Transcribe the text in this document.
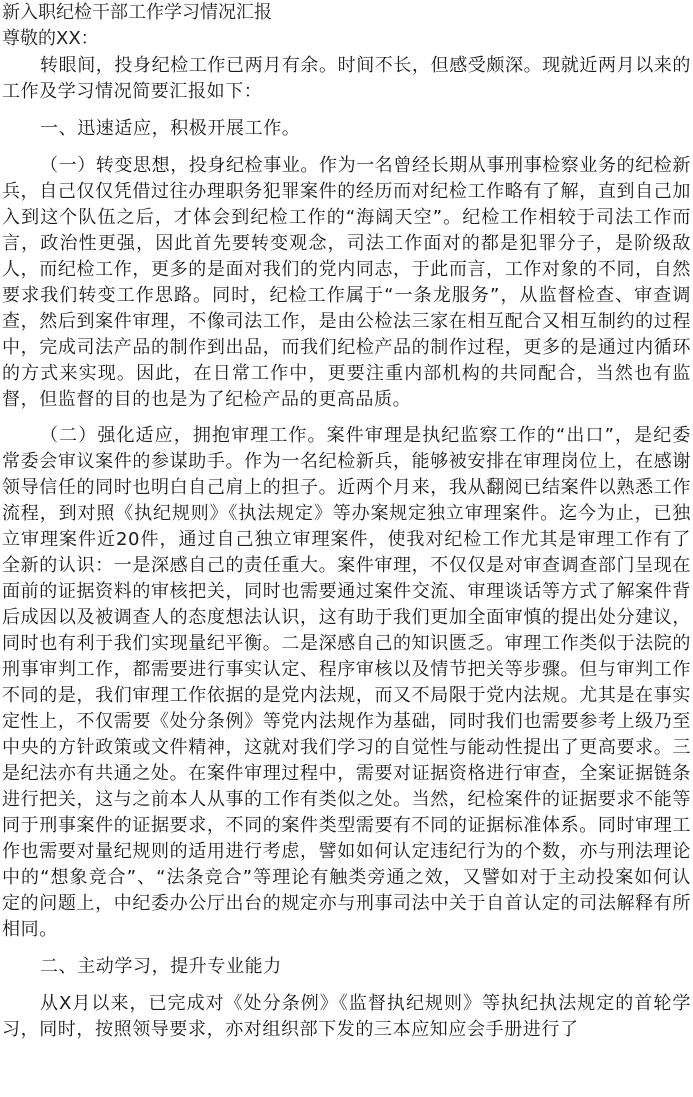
新入职纪检干部工作学习情况汇报
尊敬的XX：

转眼间，投身纪检工作已两月有余。时间不长，但感受颇深。现就近两月以来的工作及学习情况简要汇报如下：

一、迅速适应，积极开展工作。

（一）转变思想，投身纪检事业。作为一名曾经长期从事刑事检察业务的纪检新兵，自己仅仅凭借过往办理职务犯罪案件的经历而对纪检工作略有了解，直到自己加入到这个队伍之后，才体会到纪检工作的“海阔天空”。纪检工作相较于司法工作而言，政治性更强，因此首先要转变观念，司法工作面对的都是犯罪分子，是阶级敌人，而纪检工作，更多的是面对我们的党内同志，于此而言，工作对象的不同，自然要求我们转变工作思路。同时，纪检工作属于“一条龙服务”，从监督检查、审查调查，然后到案件审理，不像司法工作，是由公检法三家在相互配合又相互制约的过程中，完成司法产品的制作到出品，而我们纪检产品的制作过程，更多的是通过内循环的方式来实现。因此，在日常工作中，更要注重内部机构的共同配合，当然也有监督，但监督的目的也是为了纪检产品的更高品质。

（二）强化适应，拥抱审理工作。案件审理是执纪监察工作的“出口”，是纪委常委会审议案件的参谋助手。作为一名纪检新兵，能够被安排在审理岗位上，在感谢领导信任的同时也明白自己肩上的担子。近两个月来，我从翻阅已结案件以熟悉工作流程，到对照《执纪规则》《执法规定》等办案规定独立审理案件。迄今为止，已独立审理案件近20件，通过自己独立审理案件，使我对纪检工作尤其是审理工作有了全新的认识：一是深感自己的责任重大。案件审理，不仅仅是对审查调查部门呈现在面前的证据资料的审核把关，同时也需要通过案件交流、审理谈话等方式了解案件背后成因以及被调查人的态度想法认识，这有助于我们更加全面审慎的提出处分建议，同时也有利于我们实现量纪平衡。二是深感自己的知识匮乏。审理工作类似于法院的刑事审判工作，都需要进行事实认定、程序审核以及情节把关等步骤。但与审判工作不同的是，我们审理工作依据的是党内法规，而又不局限于党内法规。尤其是在事实定性上，不仅需要《处分条例》等党内法规作为基础，同时我们也需要参考上级乃至中央的方针政策或文件精神，这就对我们学习的自觉性与能动性提出了更高要求。三是纪法亦有共通之处。在案件审理过程中，需要对证据资格进行审查，全案证据链条进行把关，这与之前本人从事的工作有类似之处。当然，纪检案件的证据要求不能等同于刑事案件的证据要求，不同的案件类型需要有不同的证据标准体系。同时审理工作也需要对量纪规则的适用进行考虑，譬如如何认定违纪行为的个数，亦与刑法理论中的“想象竞合”、“法条竞合”等理论有触类旁通之效，又譬如对于主动投案如何认定的问题上，中纪委办公厅出台的规定亦与刑事司法中关于自首认定的司法解释有所相同。

二、主动学习，提升专业能力

从X月以来，已完成对《处分条例》《监督执纪规则》等执纪执法规定的首轮学习，同时，按照领导要求，亦对组织部下发的三本应知应会手册进行了
